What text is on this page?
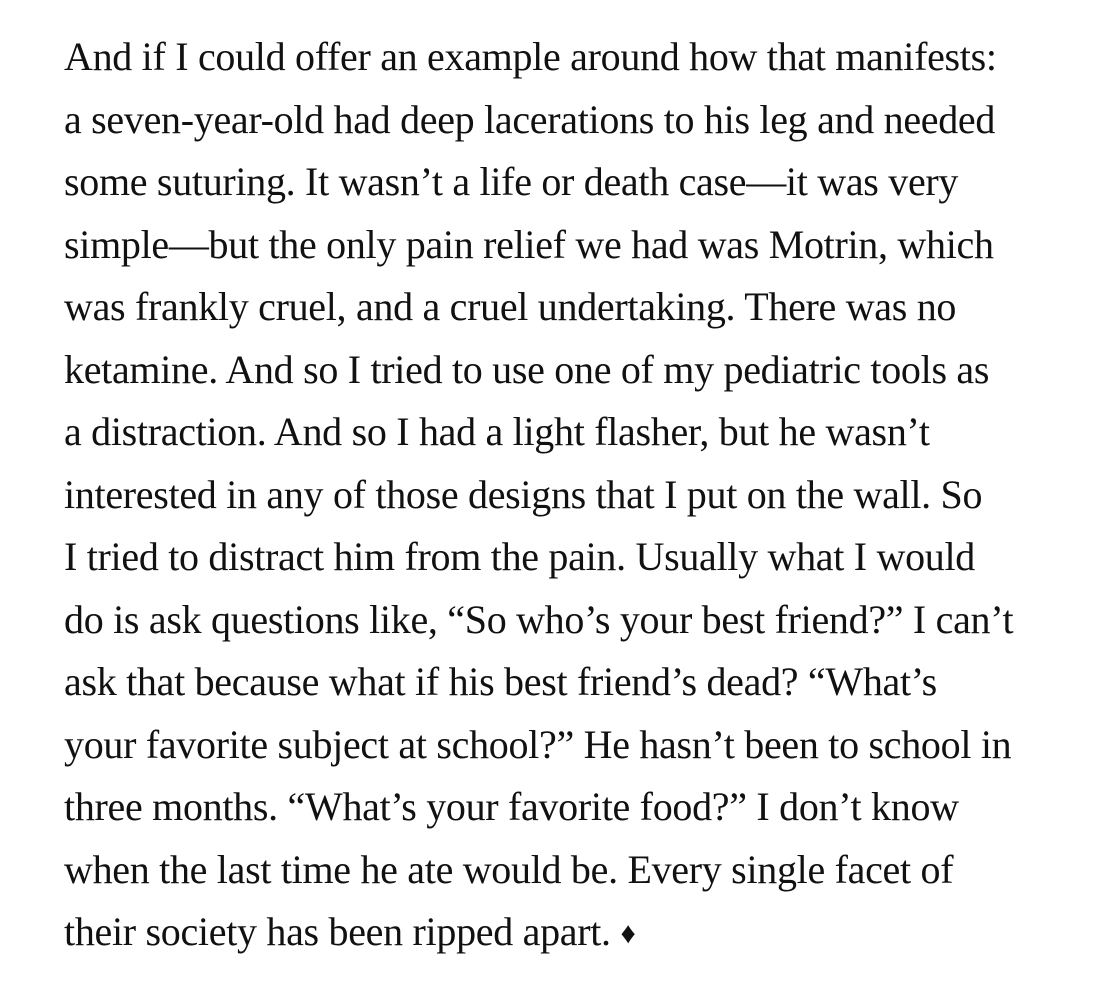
And if I could offer an example around how that manifests:
a seven-year-old had deep lacerations to his leg and needed
some suturing. It wasn’t a life or death case—it was very
simple—but the only pain relief we had was Motrin, which
was frankly cruel, and a cruel undertaking. There was no
ketamine. And so I tried to use one of my pediatric tools as
a distraction. And so I had a light flasher, but he wasn’t
interested in any of those designs that I put on the wall. So
I tried to distract him from the pain. Usually what I would
do is ask questions like, “So who’s your best friend?” I can’t
ask that because what if his best friend’s dead? “What’s
your favorite subject at school?” He hasn’t been to school in
three months. “What’s your favorite food?” I don’t know
when the last time he ate would be. Every single facet of
their society has been ripped apart. ♦
